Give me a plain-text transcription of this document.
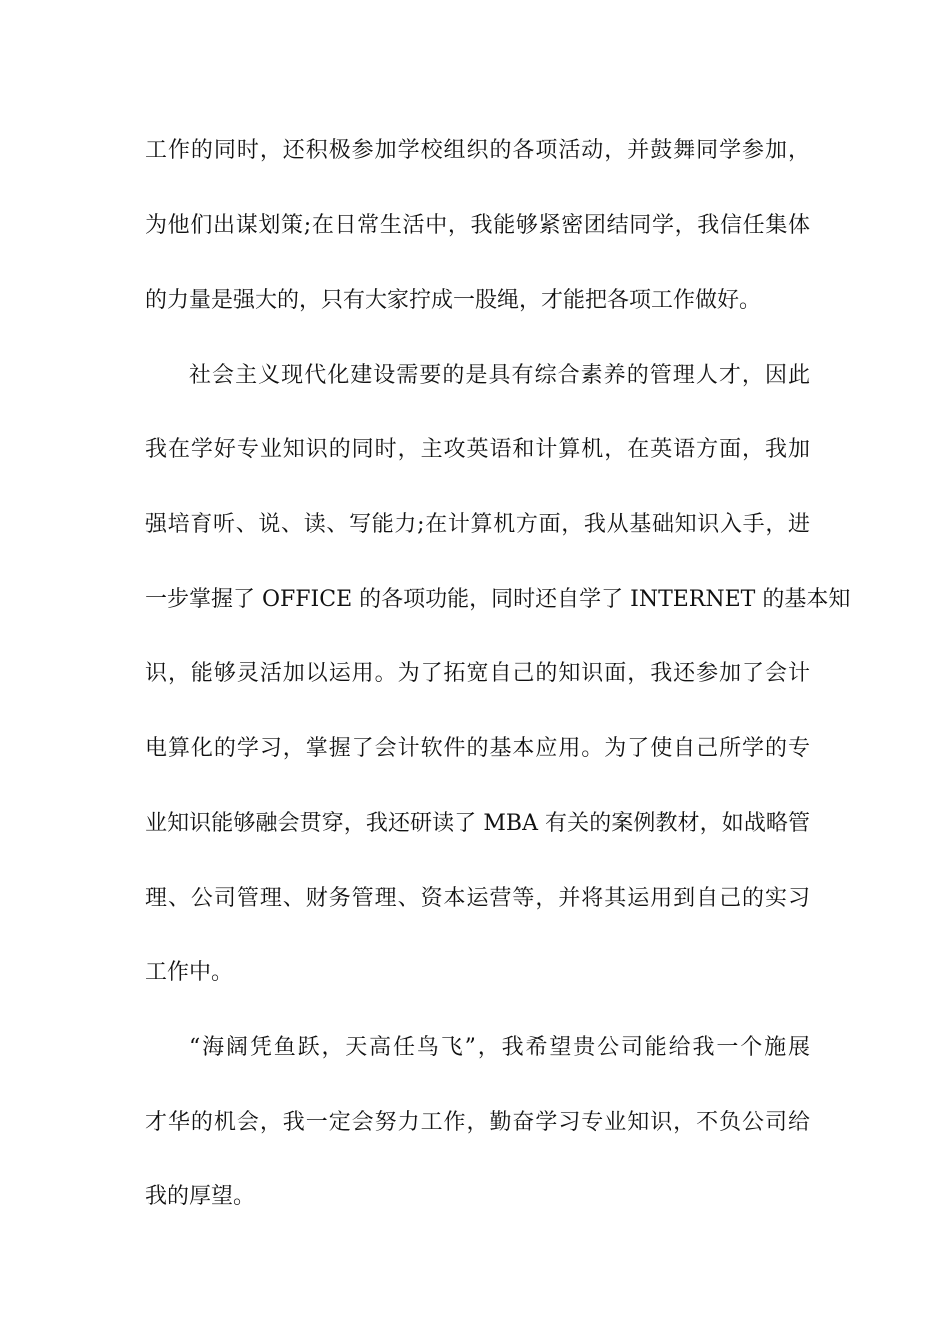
工作的同时，还积极参加学校组织的各项活动，并鼓舞同学参加，
为他们出谋划策;在日常生活中，我能够紧密团结同学，我信任集体
的力量是强大的，只有大家拧成一股绳，才能把各项工作做好。
社会主义现代化建设需要的是具有综合素养的管理人才，因此
我在学好专业知识的同时，主攻英语和计算机，在英语方面，我加
强培育听、说、读、写能力;在计算机方面，我从基础知识入手，进
一步掌握了 OFFICE 的各项功能，同时还自学了 INTERNET 的基本知
识，能够灵活加以运用。为了拓宽自己的知识面，我还参加了会计
电算化的学习，掌握了会计软件的基本应用。为了使自己所学的专
业知识能够融会贯穿，我还研读了 MBA 有关的案例教材，如战略管
理、公司管理、财务管理、资本运营等，并将其运用到自己的实习
工作中。
“海阔凭鱼跃，天高任鸟飞”，我希望贵公司能给我一个施展
才华的机会，我一定会努力工作，勤奋学习专业知识，不负公司给
我的厚望。
